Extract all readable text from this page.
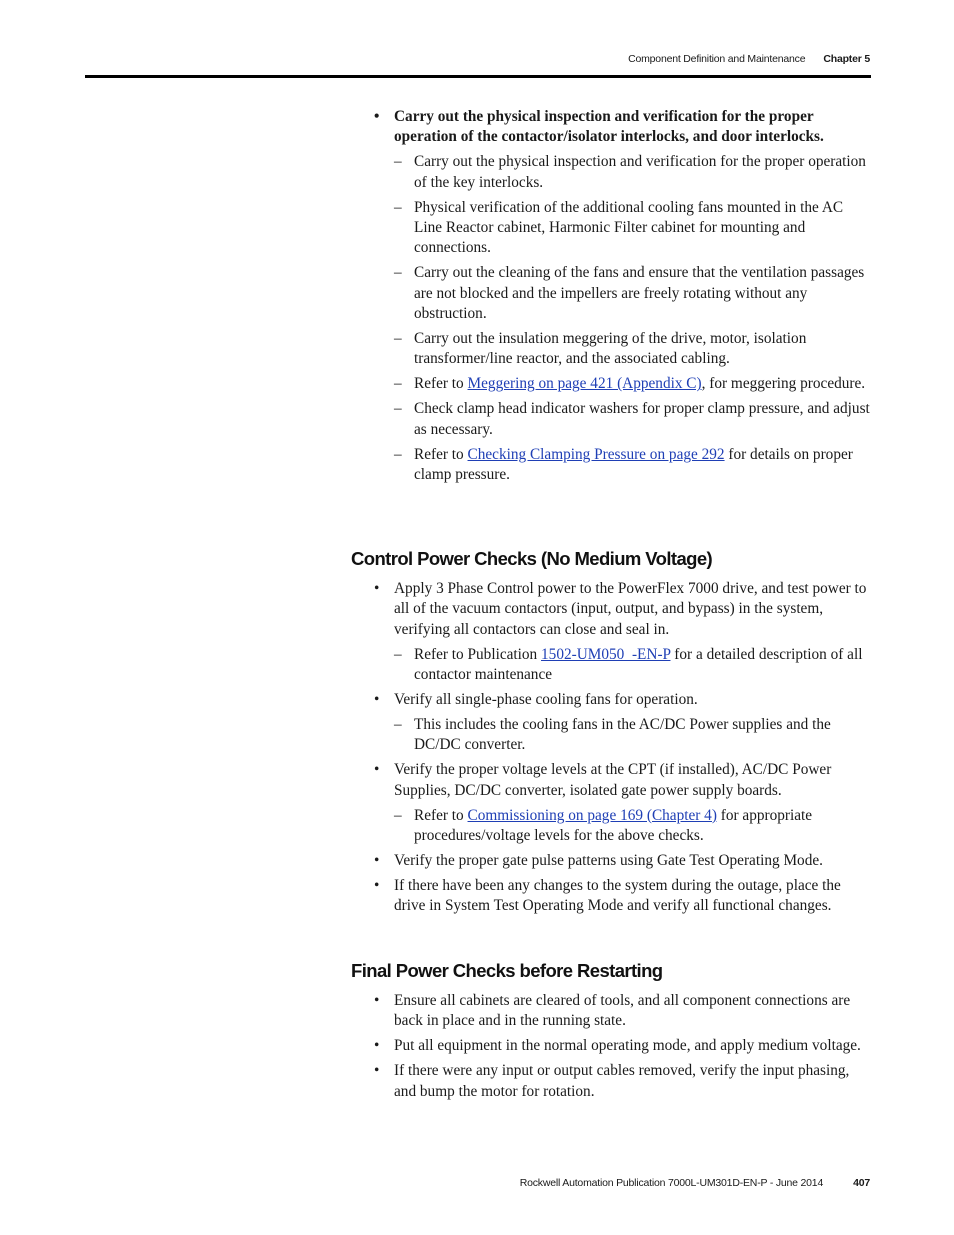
Component Definition and Maintenance Chapter 5
• Carry out the physical inspection and verification for the proper operation of the contactor/isolator interlocks, and door interlocks.
– Carry out the physical inspection and verification for the proper operation of the key interlocks.
– Physical verification of the additional cooling fans mounted in the AC Line Reactor cabinet, Harmonic Filter cabinet for mounting and connections.
– Carry out the cleaning of the fans and ensure that the ventilation passages are not blocked and the impellers are freely rotating without any obstruction.
– Carry out the insulation meggering of the drive, motor, isolation transformer/line reactor, and the associated cabling.
– Refer to Meggering on page 421 (Appendix C), for meggering procedure.
– Check clamp head indicator washers for proper clamp pressure, and adjust as necessary.
– Refer to Checking Clamping Pressure on page 292 for details on proper clamp pressure.
Control Power Checks (No Medium Voltage)
• Apply 3 Phase Control power to the PowerFlex 7000 drive, and test power to all of the vacuum contactors (input, output, and bypass) in the system, verifying all contactors can close and seal in.
– Refer to Publication 1502-UM050_-EN-P for a detailed description of all contactor maintenance
• Verify all single-phase cooling fans for operation.
– This includes the cooling fans in the AC/DC Power supplies and the DC/DC converter.
• Verify the proper voltage levels at the CPT (if installed), AC/DC Power Supplies, DC/DC converter, isolated gate power supply boards.
– Refer to Commissioning on page 169 (Chapter 4) for appropriate procedures/voltage levels for the above checks.
• Verify the proper gate pulse patterns using Gate Test Operating Mode.
• If there have been any changes to the system during the outage, place the drive in System Test Operating Mode and verify all functional changes.
Final Power Checks before Restarting
• Ensure all cabinets are cleared of tools, and all component connections are back in place and in the running state.
• Put all equipment in the normal operating mode, and apply medium voltage.
• If there were any input or output cables removed, verify the input phasing, and bump the motor for rotation.
Rockwell Automation Publication 7000L-UM301D-EN-P - June 2014	407
